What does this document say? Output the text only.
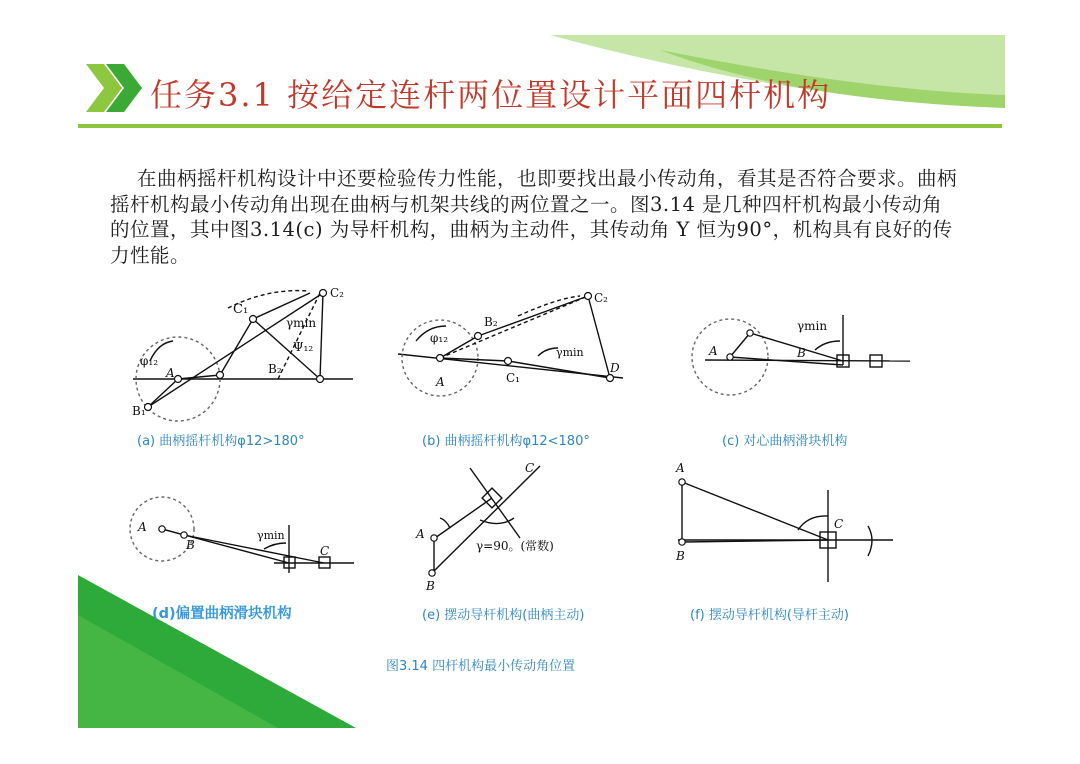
任务3.1 按给定连杆两位置设计平面四杆机构
在曲柄摇杆机构设计中还要检验传力性能，也即要找出最小传动角，看其是否符合要求。曲柄摇杆机构最小传动角出现在曲柄与机架共线的两位置之一。图3.14 是几种四杆机构最小传动角的位置，其中图3.14(c) 为导杆机构，曲柄为主动件，其传动角 Y 恒为90°，机构具有良好的传力性能。
C₁
C₂
γmin
Ψ₁₂
φ₁₂
A
B₁
B₂
(a) 曲柄摇杆机构φ12>180°
C₂
B₂
φ₁₂
γmin
A	C₁
D
(b) 曲柄摇杆机构φ12<180°
γmin
A	B
(c) 对心曲柄滑块机构
A
B
γmin
C
(d)偏置曲柄滑块机构
C
A
B
γ=90。(常数)
(e) 摆动导杆机构(曲柄主动)
A
B
C
(f) 摆动导杆机构(导杆主动)
图3.14 四杆机构最小传动角位置
